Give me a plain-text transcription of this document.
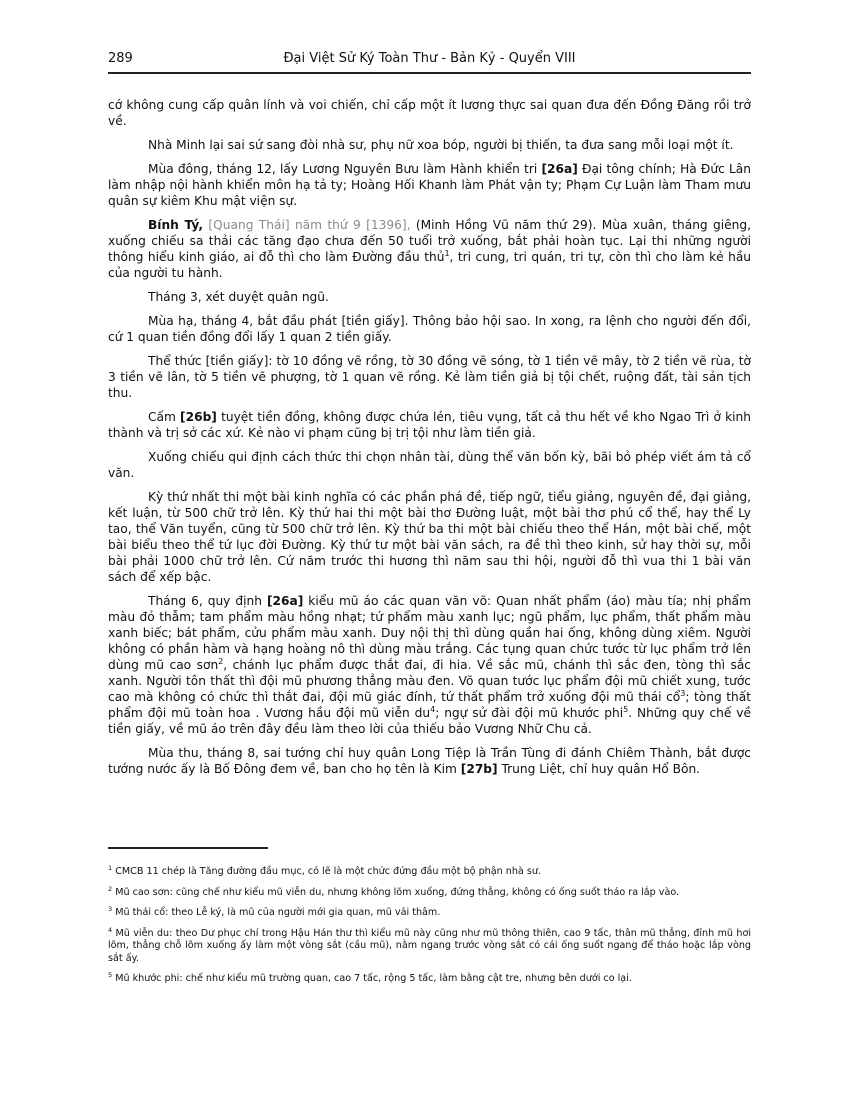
289	Đại Việt Sử Ký Toàn Thư - Bản Kỷ - Quyển VIII

cớ không cung cấp quân lính và voi chiến, chỉ cấp một ít lương thực sai quan đưa đến Đồng Đăng rồi trở về.

Nhà Minh lại sai sứ sang đòi nhà sư, phụ nữ xoa bóp, người bị thiến, ta đưa sang mỗi loại một ít.

Mùa đông, tháng 12, lấy Lương Nguyên Bưu làm Hành khiển tri [26a] Đại tông chính; Hà Đức Lân làm nhập nội hành khiển môn hạ tả ty; Hoàng Hối Khanh làm Phát vận ty; Phạm Cự Luận làm Tham mưu quân sự kiêm Khu mật viện sự.

Bính Tý, [Quang Thái] năm thứ 9 [1396], (Minh Hồng Vũ năm thứ 29). Mùa xuân, tháng giêng, xuống chiếu sa thải các tăng đạo chưa đến 50 tuổi trở xuống, bắt phải hoàn tục. Lại thi những người thông hiểu kinh giáo, ai đỗ thì cho làm Đường đầu thủ$^1$, tri cung, tri quán, tri tự, còn thì cho làm kẻ hầu của người tu hành.

Tháng 3, xét duyệt quân ngũ.

Mùa hạ, tháng 4, bắt đầu phát [tiền giấy]. Thông bảo hội sao. In xong, ra lệnh cho người đến đổi, cứ 1 quan tiền đồng đổi lấy 1 quan 2 tiền giấy.

Thể thức [tiền giấy]: tờ 10 đồng vẽ rồng, tờ 30 đồng vẽ sóng, tờ 1 tiền vẽ mây, tờ 2 tiền vẽ rùa, tờ 3 tiền vẽ lân, tờ 5 tiền vẽ phượng, tờ 1 quan vẽ rồng. Kẻ làm tiền giả bị tội chết, ruộng đất, tài sản tịch thu.

Cấm [26b] tuyệt tiền đồng, không được chứa lén, tiêu vụng, tất cả thu hết về kho Ngao Trì ở kinh thành và trị sở các xứ. Kẻ nào vi phạm cũng bị trị tội như làm tiền giả.

Xuống chiếu qui định cách thức thi chọn nhân tài, dùng thể văn bốn kỳ, bãi bỏ phép viết ám tả cổ văn.

Kỳ thứ nhất thi một bài kinh nghĩa có các phần phá đề, tiếp ngữ, tiểu giảng, nguyên đề, đại giảng, kết luận, từ 500 chữ trở lên. Kỳ thứ hai thi một bài thơ Đường luật, một bài thơ phú cổ thể, hay thể Ly tao, thể Văn tuyển, cũng từ 500 chữ trở lên. Kỳ thứ ba thi một bài chiếu theo thể Hán, một bài chế, một bài biểu theo thể tứ lục đời Đường. Kỳ thứ tư một bài văn sách, ra đề thì theo kinh, sử hay thời sự, mỗi bài phải 1000 chữ trở lên. Cứ năm trước thi hương thì năm sau thi hội, người đỗ thì vua thi 1 bài văn sách để xếp bậc.

Tháng 6, quy định [26a] kiểu mũ áo các quan văn võ: Quan nhất phẩm (áo) màu tía; nhị phẩm màu đỏ thẫm; tam phẩm màu hồng nhạt; tứ phẩm màu xanh lục; ngũ phẩm, lục phẩm, thất phẩm màu xanh biếc; bát phẩm, cửu phẩm màu xanh. Duy nội thị thì dùng quần hai ống, không dùng xiêm. Người không có phần hàm và hạng hoàng nô thì dùng màu trắng. Các tụng quan chức tước từ lục phẩm trở lên dùng mũ cao sơn$^2$, chánh lục phẩm được thắt đai, đi hia. Về sắc mũ, chánh thì sắc đen, tòng thì sắc xanh. Người tôn thất thì đội mũ phương thẳng màu đen. Võ quan tước lục phẩm đội mũ chiết xung, tước cao mà không có chức thì thắt đai, đội mũ giác đính, tứ thất phẩm trở xuống đội mũ thái cổ$^3$; tòng thất phẩm đội mũ toàn hoa . Vương hầu đội mũ viễn $du^4$; ngự sử đài đội mũ khước phi$^5$. Những quy chế về tiền giấy, về mũ áo trên đây đều làm theo lời của thiếu bảo Vương Nhữ Chu cả.

Mùa thu, tháng 8, sai tướng chỉ huy quân Long Tiệp là Trần Tùng đi đánh Chiêm Thành, bắt được tướng nước ấy là Bố Đông đem về, ban cho họ tên là Kim [27b] Trung Liệt, chỉ huy quân Hổ Bôn.

$^1$ CMCB 11 chép là Tăng đường đầu mục, có lẽ là một chức đứng đầu một bộ phận nhà sư.
$^2$ Mũ cao sơn: cũng chế như kiểu mũ viễn du, nhưng không lõm xuống, đứng thẳng, không có ống suốt tháo ra lắp vào.
$^3$ Mũ thái cổ: theo Lễ ký, là mũ của người mới gia quan, mũ vải thâm.
$^4$ Mũ viễn du: theo Dư phục chí trong Hậu Hán thư thì kiểu mũ này cũng như mũ thông thiên, cao 9 tấc, thân mũ thẳng, đỉnh mũ hơi lõm, thẳng chỗ lõm xuống ấy làm một vòng sắt (cầu mũ), nằm ngang trước vòng sắt có cái ống suốt ngang để tháo hoặc lắp vòng sắt ấy.
$^5$ Mũ khước phi: chế như kiểu mũ trường quan, cao 7 tấc, rộng 5 tấc, làm bằng cật tre, nhưng bên dưới co lại.
